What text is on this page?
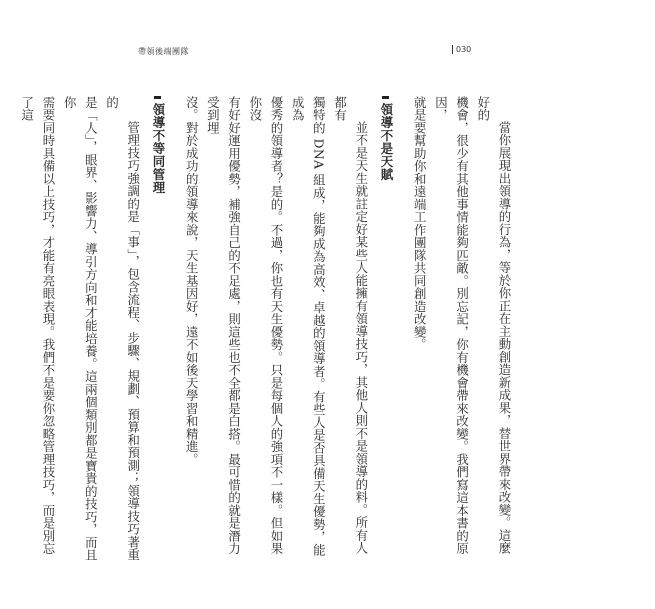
帶領後端團隊	030

當你展現出領導的行為，等於你正在主動創造新成果，替世界帶來改變。這麼好的

機會，很少有其他事情能夠匹敵。別忘記，你有機會帶來改變。我們寫這本書的原因，

就是要幫助你和遠端工作團隊共同創造改變。

領導不是天賦

並不是天生就註定好某些人能擁有領導技巧，其他人則不是領導的料。所有人都有

獨特的 DNA 組成，能夠成為高效、卓越的領導者。有些人是否具備天生優勢，能成為

優秀的領導者？是的。不過，你也有天生優勢。只是每個人的強項不一樣。但如果你沒

有好好運用優勢，補強自己的不足處，則這些也不全都是白搭。最可惜的就是潛力受到埋

沒。對於成功的領導來說，天生基因好，遠不如後天學習和精進。

領導不等同管理

管理技巧強調的是「事」，包含流程、步驟、規劃、預算和預測；領導技巧著重的

是「人」，眼界、影響力、導引方向和才能培養。這兩個類別都是寶貴的技巧，而且你

需要同時具備以上技巧，才能有亮眼表現。我們不是要你忽略管理技巧，而是別忘了這
